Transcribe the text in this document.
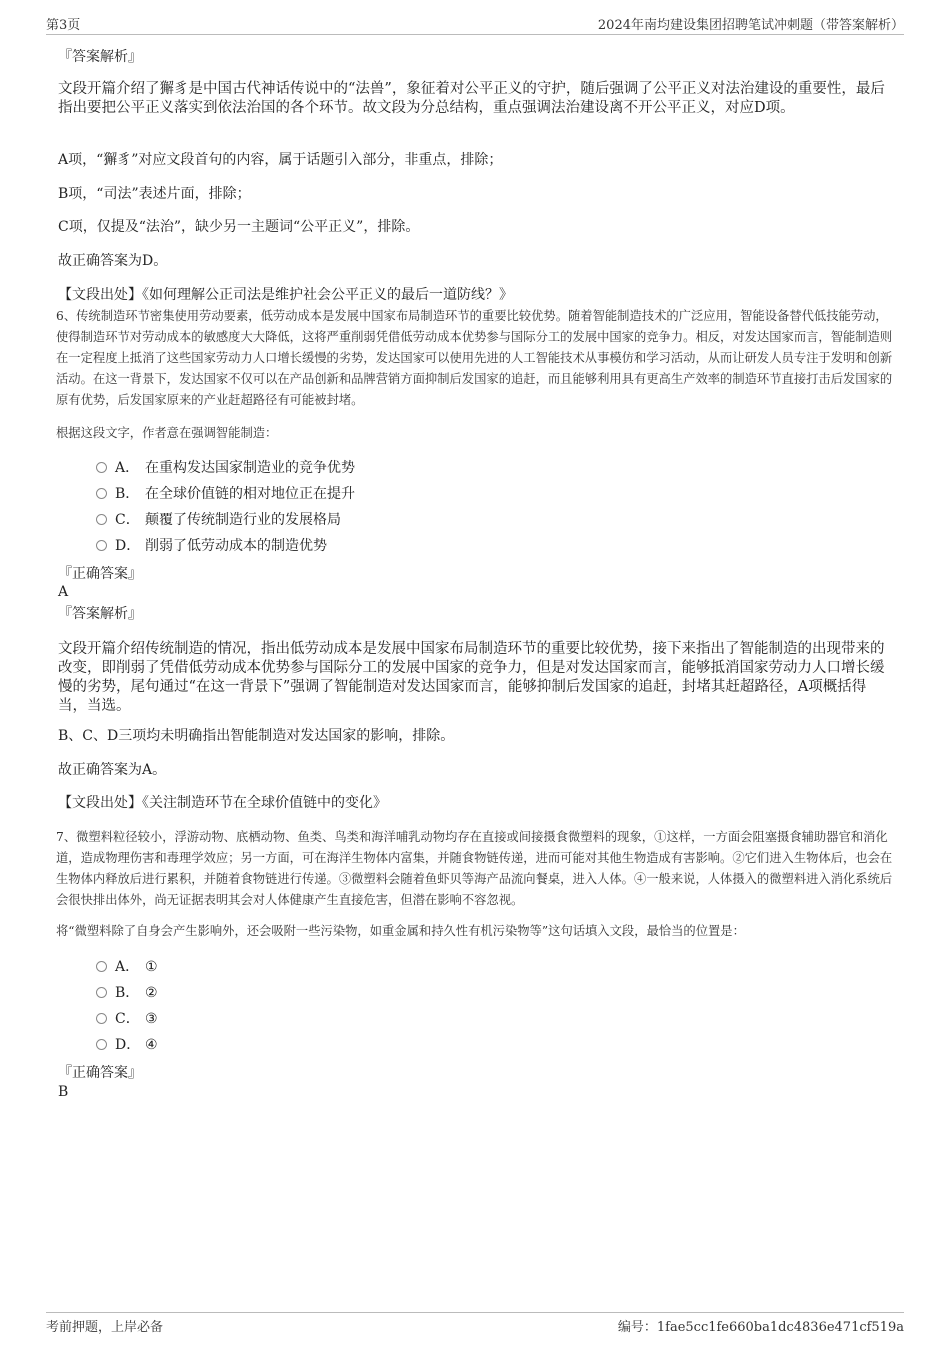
第3页	2024年南均建设集团招聘笔试冲刺题（带答案解析）
『答案解析』
文段开篇介绍了獬豸是中国古代神话传说中的“法兽”，象征着对公平正义的守护，随后强调了公平正义对法治建设的重要性，最后指出要把公平正义落实到依法治国的各个环节。故文段为分总结构，重点强调法治建设离不开公平正义，对应D项。
A项，“獬豸”对应文段首句的内容，属于话题引入部分，非重点，排除；
B项，“司法”表述片面，排除；
C项，仅提及“法治”，缺少另一主题词“公平正义”，排除。
故正确答案为D。
【文段出处】《如何理解公正司法是维护社会公平正义的最后一道防线？》
6、传统制造环节密集使用劳动要素，低劳动成本是发展中国家布局制造环节的重要比较优势。随着智能制造技术的广泛应用，智能设备替代低技能劳动，使得制造环节对劳动成本的敏感度大大降低，这将严重削弱凭借低劳动成本优势参与国际分工的发展中国家的竞争力。相反，对发达国家而言，智能制造则在一定程度上抵消了这些国家劳动力人口增长缓慢的劣势，发达国家可以使用先进的人工智能技术从事模仿和学习活动，从而让研发人员专注于发明和创新活动。在这一背景下，发达国家不仅可以在产品创新和品牌营销方面抑制后发国家的追赶，而且能够利用具有更高生产效率的制造环节直接打击后发国家的原有优势，后发国家原来的产业赶超路径有可能被封堵。
根据这段文字，作者意在强调智能制造：
A． 在重构发达国家制造业的竞争优势
B． 在全球价值链的相对地位正在提升
C． 颠覆了传统制造行业的发展格局
D． 削弱了低劳动成本的制造优势
『正确答案』
A
『答案解析』
文段开篇介绍传统制造的情况，指出低劳动成本是发展中国家布局制造环节的重要比较优势，接下来指出了智能制造的出现带来的改变，即削弱了凭借低劳动成本优势参与国际分工的发展中国家的竞争力，但是对发达国家而言，能够抵消国家劳动力人口增长缓慢的劣势，尾句通过“在这一背景下”强调了智能制造对发达国家而言，能够抑制后发国家的追赶，封堵其赶超路径，A项概括得当，当选。
B、C、D三项均未明确指出智能制造对发达国家的影响，排除。
故正确答案为A。
【文段出处】《关注制造环节在全球价值链中的变化》
7、微塑料粒径较小，浮游动物、底栖动物、鱼类、鸟类和海洋哺乳动物均存在直接或间接摄食微塑料的现象，①这样，一方面会阻塞摄食辅助器官和消化道，造成物理伤害和毒理学效应；另一方面，可在海洋生物体内富集，并随食物链传递，进而可能对其他生物造成有害影响。②它们进入生物体后，也会在生物体内释放后进行累积，并随着食物链进行传递。③微塑料会随着鱼虾贝等海产品流向餐桌，进入人体。④一般来说，人体摄入的微塑料进入消化系统后会很快排出体外，尚无证据表明其会对人体健康产生直接危害，但潜在影响不容忽视。
将“微塑料除了自身会产生影响外，还会吸附一些污染物，如重金属和持久性有机污染物等”这句话填入文段，最恰当的位置是：
A． ①
B． ②
C． ③
D． ④
『正确答案』
B
考前押题，上岸必备	编号：1fae5cc1fe660ba1dc4836e471cf519a
